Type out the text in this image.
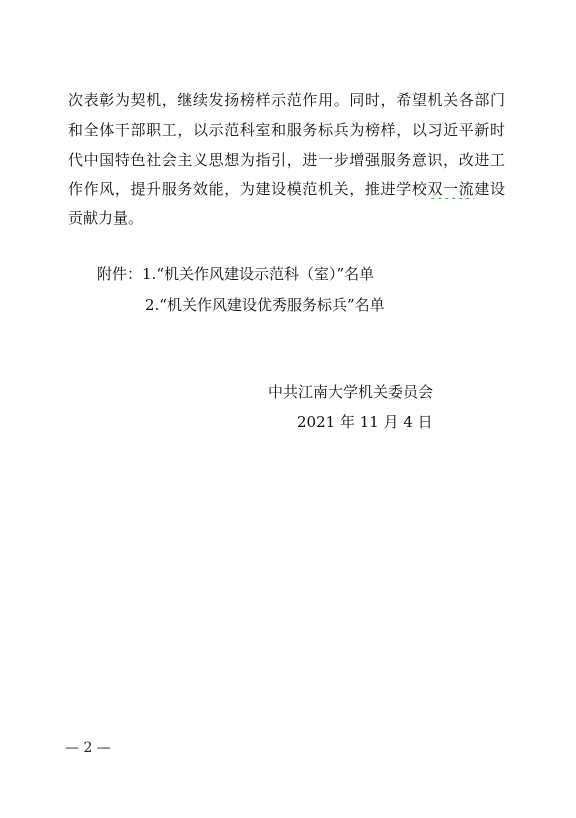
次表彰为契机，继续发扬榜样示范作用。同时，希望机关各部门
和全体干部职工，以示范科室和服务标兵为榜样，以习近平新时
代中国特色社会主义思想为指引，进一步增强服务意识，改进工
作作风，提升服务效能，为建设模范机关，推进学校双一流建设
贡献力量。
附件：1.“机关作风建设示范科（室）”名单
2.“机关作风建设优秀服务标兵”名单
中共江南大学机关委员会
2021 年 11 月 4 日
— 2 —
